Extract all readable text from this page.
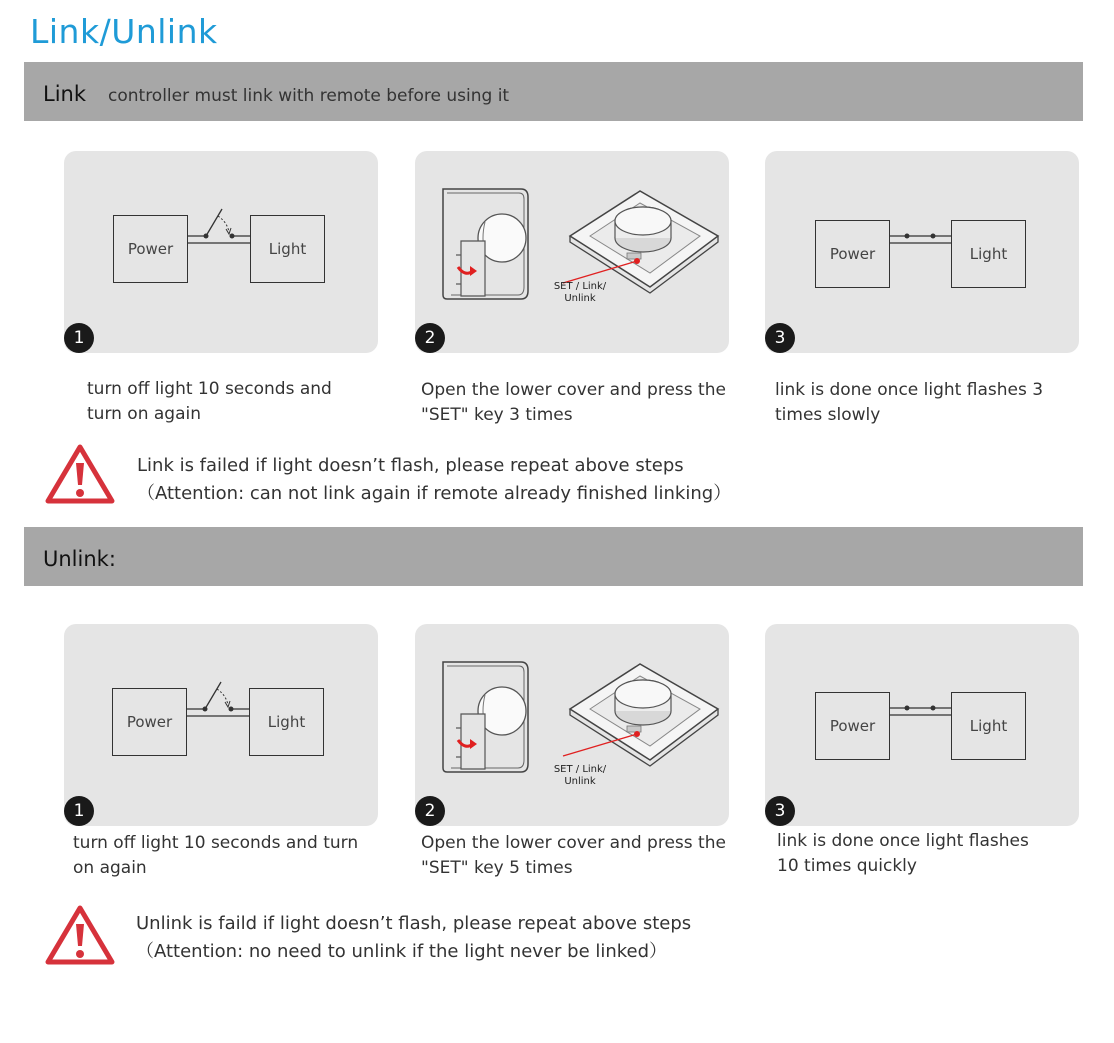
Link/Unlink
Link controller must link with remote before using it
Power	Light
1
SET / Link/ Unlink
2
Power	Light
3
turn off light 10 seconds and turn on again
Open the lower cover and press the "SET" key 3 times
link is done once light flashes 3 times slowly
Link is failed if light doesn’t flash, please repeat above steps
（Attention: can not link again if remote already finished linking）
Unlink:
Power	Light
1
SET / Link/ Unlink
2
Power	Light
3
turn off light 10 seconds and turn on again
Open the lower cover and press the "SET" key 5 times
link is done once light flashes 10 times quickly
Unlink is faild if light doesn’t flash, please repeat above steps
（Attention: no need to unlink if the light never be linked）
